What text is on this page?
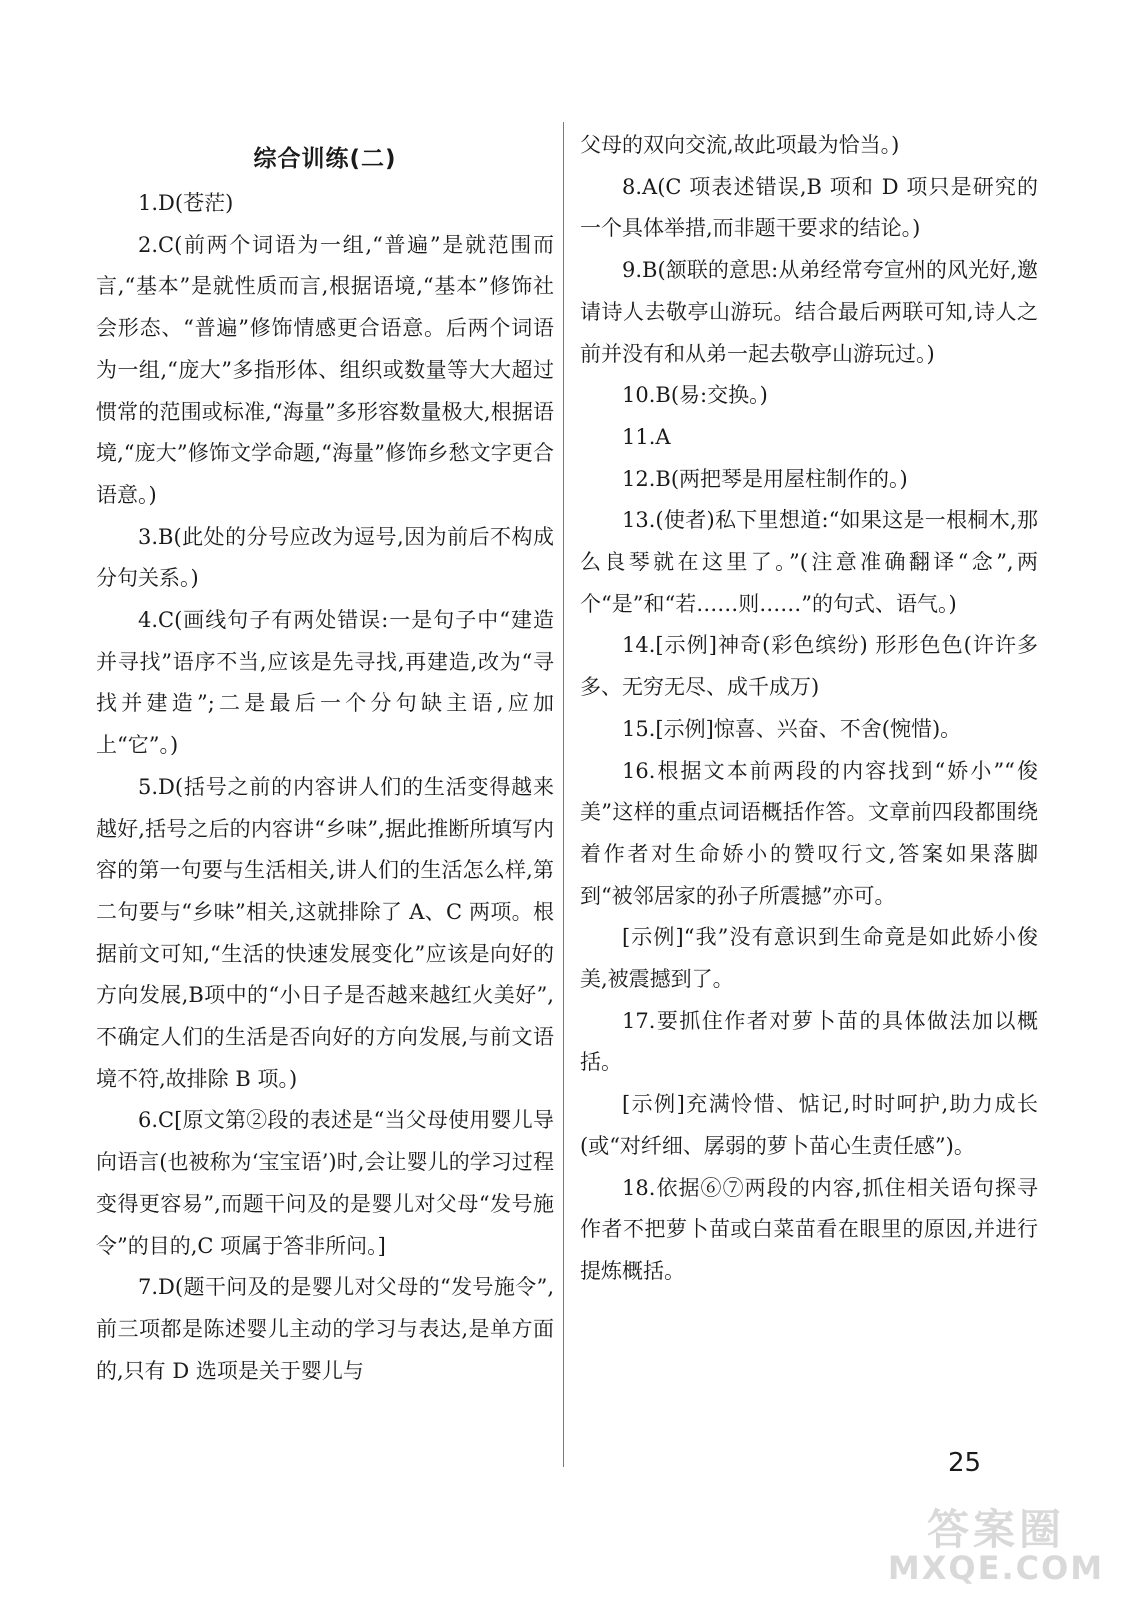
综合训练(二)

1.D(苍茫)

2.C(前两个词语为一组,“普遍”是就范围而言,“基本”是就性质而言,根据语境,“基本”修饰社会形态、“普遍”修饰情感更合语意。后两个词语为一组,“庞大”多指形体、组织或数量等大大超过惯常的范围或标准,“海量”多形容数量极大,根据语境,“庞大”修饰文学命题,“海量”修饰乡愁文字更合语意。)

3.B(此处的分号应改为逗号,因为前后不构成分句关系。)

4.C(画线句子有两处错误:一是句子中“建造并寻找”语序不当,应该是先寻找,再建造,改为“寻找并建造”;二是最后一个分句缺主语,应加上“它”。)

5.D(括号之前的内容讲人们的生活变得越来越好,括号之后的内容讲“乡味”,据此推断所填写内容的第一句要与生活相关,讲人们的生活怎么样,第二句要与“乡味”相关,这就排除了 A、C 两项。根据前文可知,“生活的快速发展变化”应该是向好的方向发展,B项中的“小日子是否越来越红火美好”,不确定人们的生活是否向好的方向发展,与前文语境不符,故排除 B 项。)

6.C[原文第②段的表述是“当父母使用婴儿导向语言(也被称为‘宝宝语’)时,会让婴儿的学习过程变得更容易”,而题干问及的是婴儿对父母“发号施令”的目的,C 项属于答非所问。]

7.D(题干问及的是婴儿对父母的“发号施令”,前三项都是陈述婴儿主动的学习与表达,是单方面的,只有 D 选项是关于婴儿与

父母的双向交流,故此项最为恰当。)

8.A(C 项表述错误,B 项和 D 项只是研究的一个具体举措,而非题干要求的结论。)

9.B(颔联的意思:从弟经常夸宣州的风光好,邀请诗人去敬亭山游玩。结合最后两联可知,诗人之前并没有和从弟一起去敬亭山游玩过。)

10.B(易:交换。)

11.A

12.B(两把琴是用屋柱制作的。)

13.(使者)私下里想道:“如果这是一根桐木,那么良琴就在这里了。”(注意准确翻译“念”,两个“是”和“若……则……”的句式、语气。)

14.[示例]神奇(彩色缤纷) 形形色色(许许多多、无穷无尽、成千成万)

15.[示例]惊喜、兴奋、不舍(惋惜)。

16.根据文本前两段的内容找到“娇小”“俊美”这样的重点词语概括作答。文章前四段都围绕着作者对生命娇小的赞叹行文,答案如果落脚到“被邻居家的孙子所震撼”亦可。

[示例]“我”没有意识到生命竟是如此娇小俊美,被震撼到了。

17.要抓住作者对萝卜苗的具体做法加以概括。

[示例]充满怜惜、惦记,时时呵护,助力成长(或“对纤细、孱弱的萝卜苗心生责任感”)。

18.依据⑥⑦两段的内容,抓住相关语句探寻作者不把萝卜苗或白菜苗看在眼里的原因,并进行提炼概括。

25
答案圈
MXQE.COM
